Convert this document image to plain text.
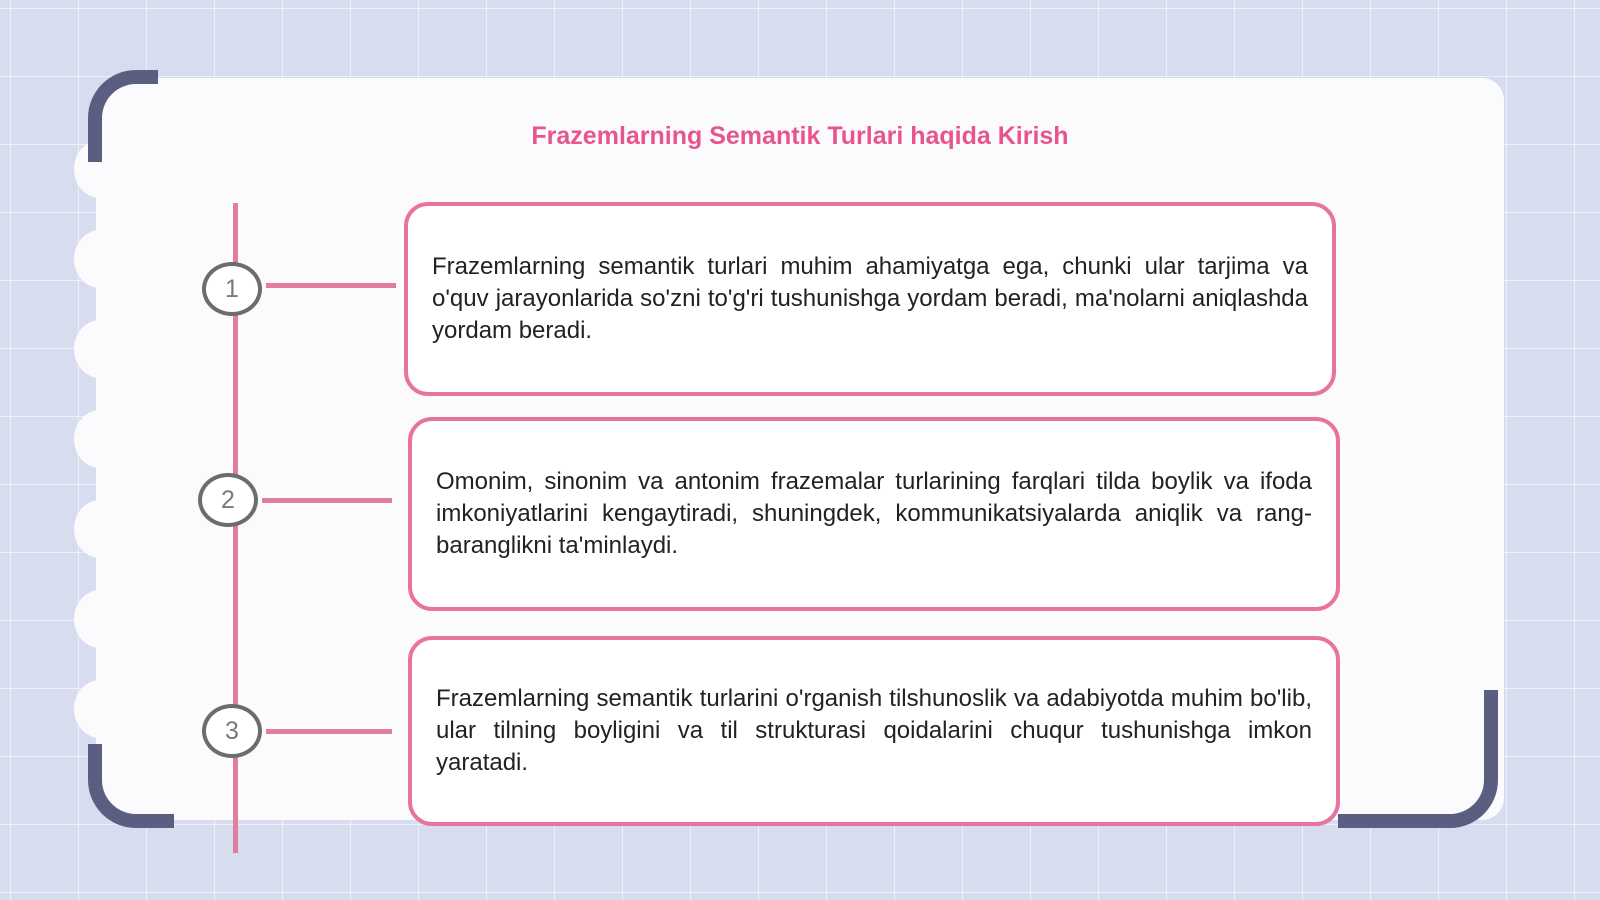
Frazemlarning Semantik Turlari haqida Kirish
1
2
3

Frazemlarning semantik turlari muhim ahamiyatga ega, chunki ular tarjima va o'quv jarayonlarida so'zni to'g'ri tushunishga yordam beradi, ma'nolarni aniqlashda yordam beradi.

Omonim, sinonim va antonim frazemalar turlarining farqlari tilda boylik va ifoda imkoniyatlarini kengaytiradi, shuningdek, kommunikatsiyalarda aniqlik va rang-baranglikni ta'minlaydi.

Frazemlarning semantik turlarini o'rganish tilshunoslik va adabiyotda muhim bo'lib, ular tilning boyligini va til strukturasi qoidalarini chuqur tushunishga imkon yaratadi.
